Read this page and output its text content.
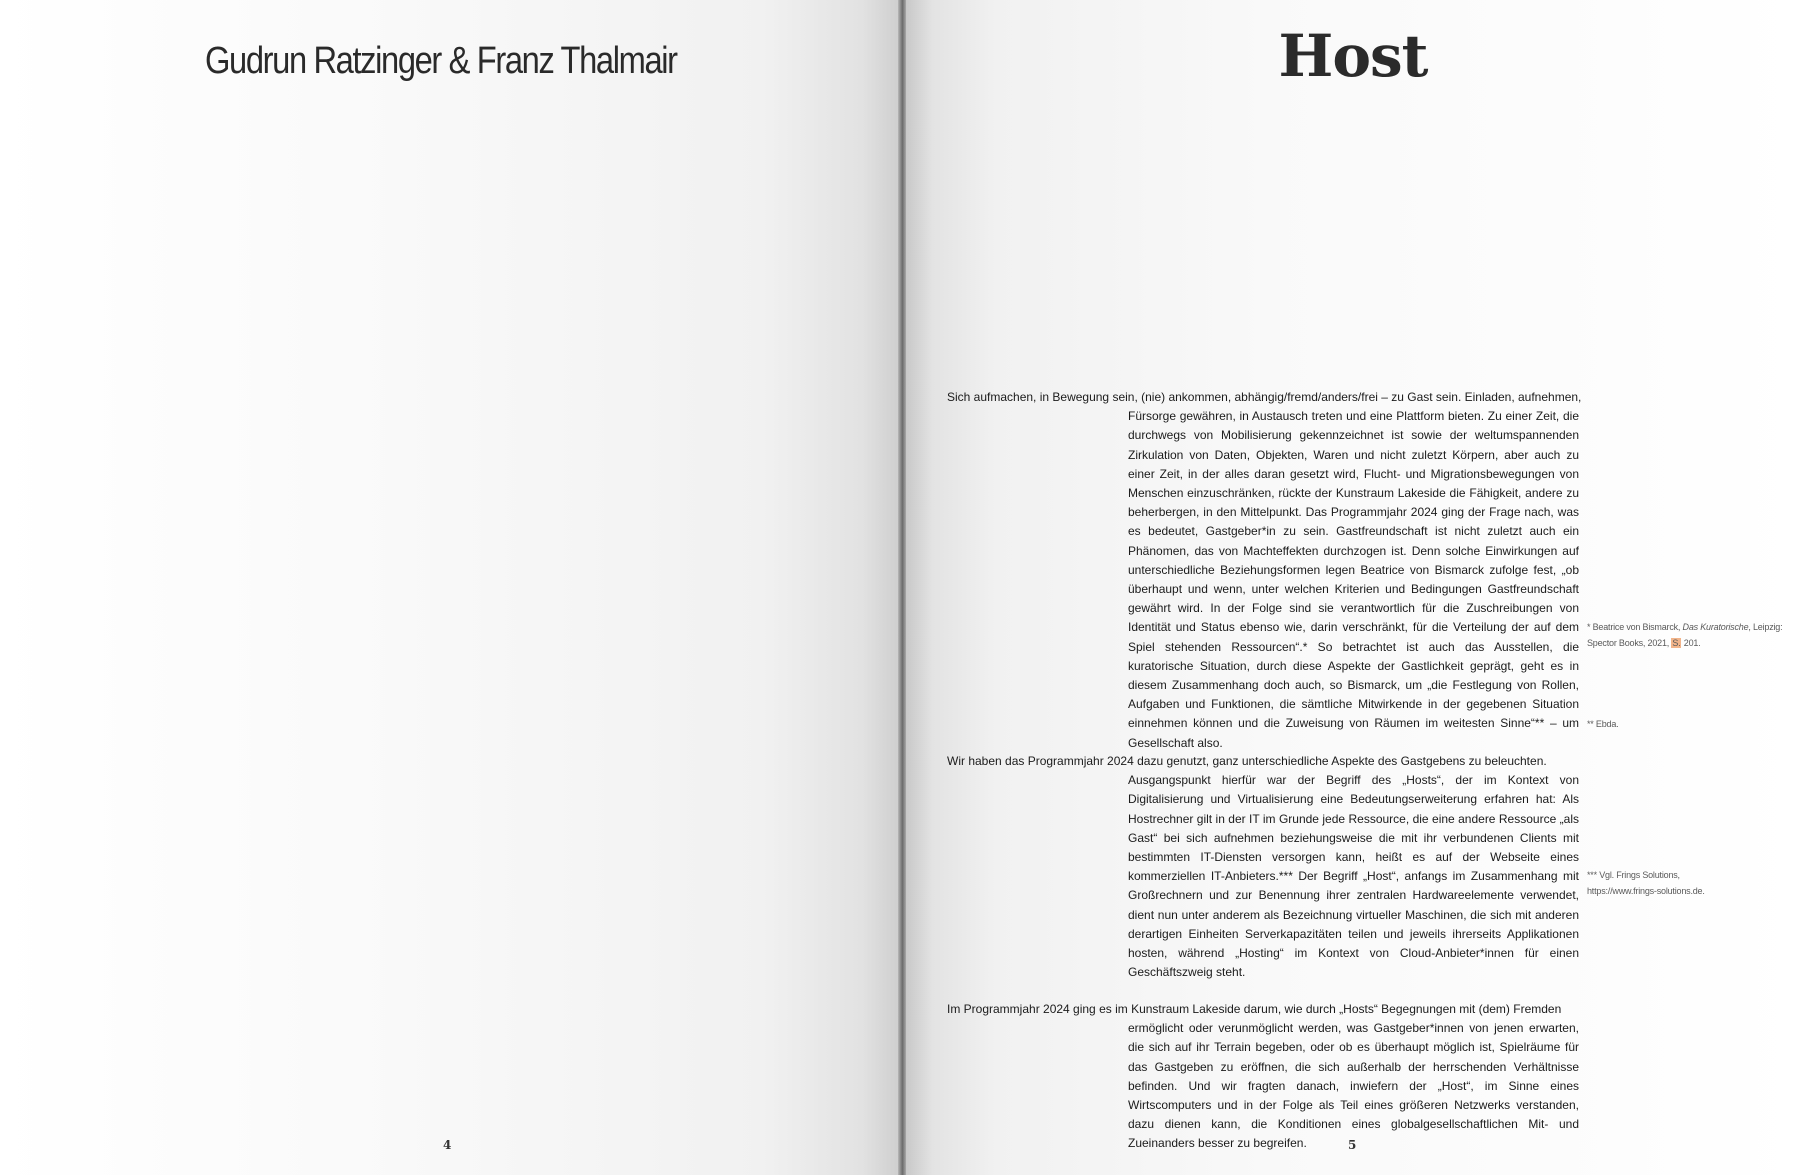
Gudrun Ratzinger & Franz Thalmair
4
Host
Sich aufmachen, in Bewegung sein, (nie) ankommen, abhängig/fremd/anders/frei – zu Gast sein. Einladen, aufnehmen,
Fürsorge gewähren, in Austausch treten und eine Plattform bieten. Zu einer Zeit, die durchwegs von Mobilisierung gekennzeichnet ist sowie der weltumspannenden Zirkulation von Daten, Objekten, Waren und nicht zuletzt Körpern, aber auch zu einer Zeit, in der alles daran gesetzt wird, Flucht- und Migrationsbewegungen von Menschen einzuschränken, rückte der Kunstraum Lakeside die Fähigkeit, andere zu beherbergen, in den Mittelpunkt. Das Programmjahr 2024 ging der Frage nach, was es bedeutet, Gastgeber*in zu sein. Gastfreundschaft ist nicht zuletzt auch ein Phänomen, das von Machteffekten durchzogen ist. Denn solche Einwirkungen auf unterschiedliche Beziehungsformen legen Beatrice von Bismarck zufolge fest, „ob überhaupt und wenn, unter welchen Kriterien und Bedingungen Gastfreundschaft gewährt wird. In der Folge sind sie verantwortlich für die Zuschreibungen von Identität und Status ebenso wie, darin verschränkt, für die Verteilung der auf dem Spiel stehenden Ressourcen“.* So betrachtet ist auch das Ausstellen, die kuratorische Situation, durch diese Aspekte der Gastlichkeit geprägt, geht es in diesem Zusammenhang doch auch, so Bismarck, um „die Festlegung von Rollen, Aufgaben und Funktionen, die sämtliche Mitwirkende in der gegebenen Situation einnehmen können und die Zuweisung von Räumen im weitesten Sinne“** – um Gesellschaft also.
Wir haben das Programmjahr 2024 dazu genutzt, ganz unterschiedliche Aspekte des Gastgebens zu beleuchten.
Ausgangspunkt hierfür war der Begriff des „Hosts“, der im Kontext von Digitalisierung und Virtualisierung eine Bedeutungserweiterung erfahren hat: Als Hostrechner gilt in der IT im Grunde jede Ressource, die eine andere Ressource „als Gast“ bei sich aufnehmen beziehungsweise die mit ihr verbundenen Clients mit bestimmten IT-Diensten versorgen kann, heißt es auf der Webseite eines kommerziellen IT-Anbieters.*** Der Begriff „Host“, anfangs im Zusammenhang mit Großrechnern und zur Benennung ihrer zentralen Hardwareelemente verwendet, dient nun unter anderem als Bezeichnung virtueller Maschinen, die sich mit anderen derartigen Einheiten Serverkapazitäten teilen und jeweils ihrerseits Applikationen hosten, während „Hosting“ im Kontext von Cloud-Anbieter*innen für einen Geschäftszweig steht.
Im Programmjahr 2024 ging es im Kunstraum Lakeside darum, wie durch „Hosts“ Begegnungen mit (dem) Fremden
ermöglicht oder verunmöglicht werden, was Gastgeber*innen von jenen erwarten, die sich auf ihr Terrain begeben, oder ob es überhaupt möglich ist, Spielräume für das Gastgeben zu eröffnen, die sich außerhalb der herrschenden Verhältnisse befinden. Und wir fragten danach, inwiefern der „Host“, im Sinne eines Wirtscomputers und in der Folge als Teil eines größeren Netzwerks verstanden, dazu dienen kann, die Konditionen eines globalgesellschaftlichen Mit- und Zueinanders besser zu begreifen.
* Beatrice von Bismarck, Das Kuratorische, Leipzig: Spector Books, 2021, S. 201.
** Ebda.
*** Vgl. Frings Solutions,
https://www.frings-solutions.de.
5
